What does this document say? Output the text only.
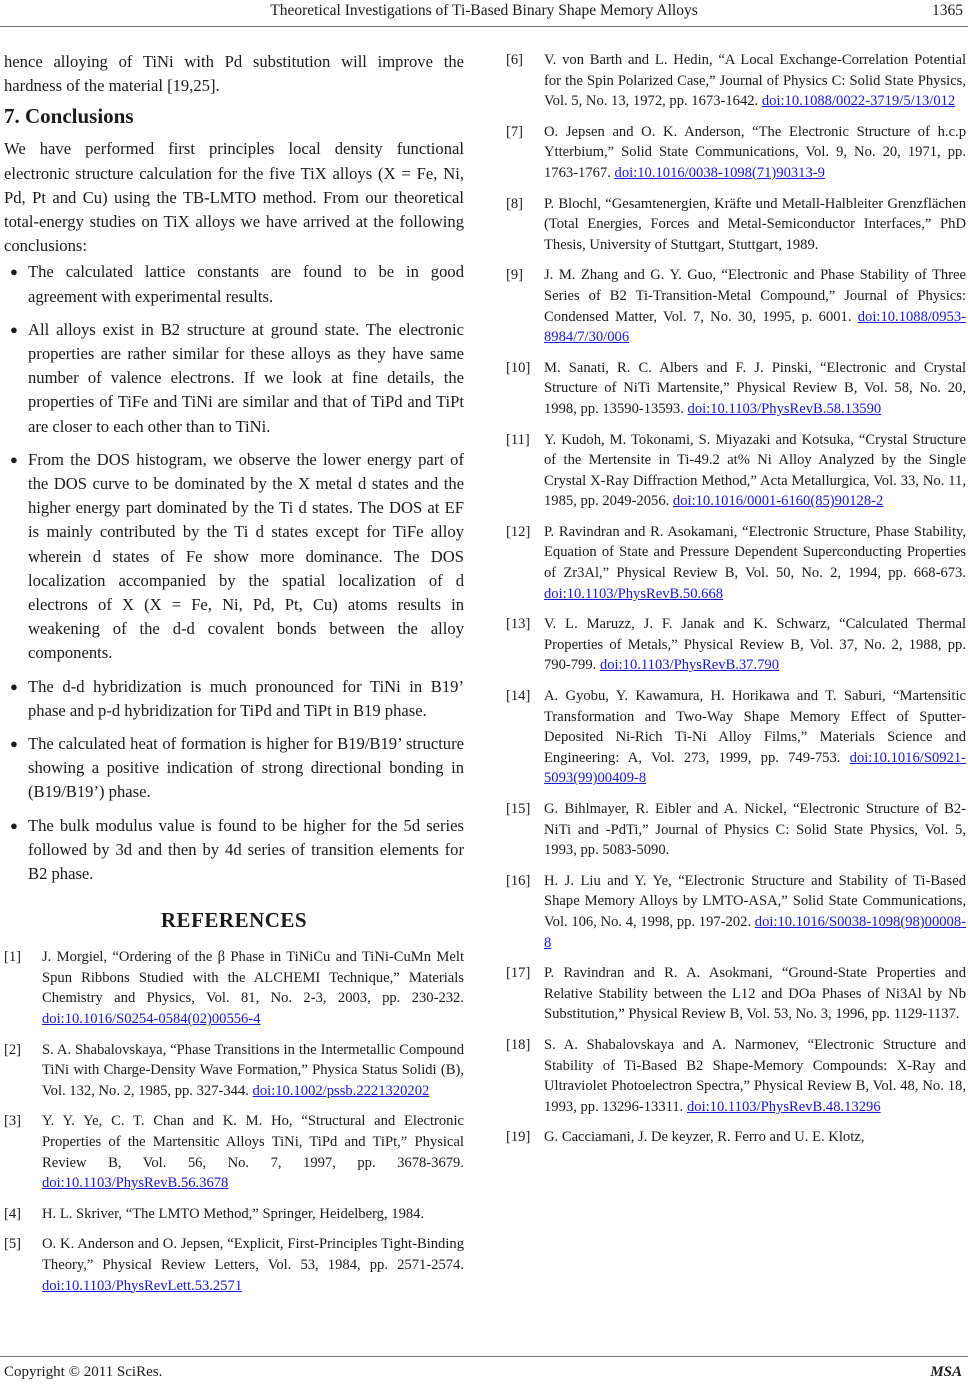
Theoretical Investigations of Ti-Based Binary Shape Memory Alloys	1365

hence alloying of TiNi with Pd substitution will improve the hardness of the material [19,25].

7. Conclusions

We have performed first principles local density functional electronic structure calculation for the five TiX alloys (X = Fe, Ni, Pd, Pt and Cu) using the TB-LMTO method. From our theoretical total-energy studies on TiX alloys we have arrived at the following conclusions:

● The calculated lattice constants are found to be in good agreement with experimental results.
● All alloys exist in B2 structure at ground state. The electronic properties are rather similar for these alloys as they have same number of valence electrons. If we look at fine details, the properties of TiFe and TiNi are similar and that of TiPd and TiPt are closer to each other than to TiNi.
● From the DOS histogram, we observe the lower energy part of the DOS curve to be dominated by the X metal d states and the higher energy part dominated by the Ti d states. The DOS at EF is mainly contributed by the Ti d states except for TiFe alloy wherein d states of Fe show more dominance. The DOS localization accompanied by the spatial localization of d electrons of X (X = Fe, Ni, Pd, Pt, Cu) atoms results in weakening of the d-d covalent bonds between the alloy components.
● The d-d hybridization is much pronounced for TiNi in B19’ phase and p-d hybridization for TiPd and TiPt in B19 phase.
● The calculated heat of formation is higher for B19/B19’ structure showing a positive indication of strong directional bonding in (B19/B19’) phase.
● The bulk modulus value is found to be higher for the 5d series followed by 3d and then by 4d series of transition elements for B2 phase.
REFERENCES
[1] J. Morgiel, “Ordering of the β Phase in TiNiCu and TiNi-CuMn Melt Spun Ribbons Studied with the ALCHEMI Technique,” Materials Chemistry and Physics, Vol. 81, No. 2-3, 2003, pp. 230-232. doi:10.1016/S0254-0584(02)00556-4
[2] S. A. Shabalovskaya, “Phase Transitions in the Intermetallic Compound TiNi with Charge-Density Wave Formation,” Physica Status Solidi (B), Vol. 132, No. 2, 1985, pp. 327-344. doi:10.1002/pssb.2221320202
[3] Y. Y. Ye, C. T. Chan and K. M. Ho, “Structural and Electronic Properties of the Martensitic Alloys TiNi, TiPd and TiPt,” Physical Review B, Vol. 56, No. 7, 1997, pp. 3678-3679. doi:10.1103/PhysRevB.56.3678
[4] H. L. Skriver, “The LMTO Method,” Springer, Heidelberg, 1984.
[5] O. K. Anderson and O. Jepsen, “Explicit, First-Principles Tight-Binding Theory,” Physical Review Letters, Vol. 53, 1984, pp. 2571-2574. doi:10.1103/PhysRevLett.53.2571
[6] V. von Barth and L. Hedin, “A Local Exchange-Correlation Potential for the Spin Polarized Case,” Journal of Physics C: Solid State Physics, Vol. 5, No. 13, 1972, pp. 1673-1642. doi:10.1088/0022-3719/5/13/012
[7] O. Jepsen and O. K. Anderson, “The Electronic Structure of h.c.p Ytterbium,” Solid State Communications, Vol. 9, No. 20, 1971, pp. 1763-1767. doi:10.1016/0038-1098(71)90313-9
[8] P. Blochl, “Gesamtenergien, Kräfte und Metall-Halbleiter Grenzflächen (Total Energies, Forces and Metal-Semiconductor Interfaces,” PhD Thesis, University of Stuttgart, Stuttgart, 1989.
[9] J. M. Zhang and G. Y. Guo, “Electronic and Phase Stability of Three Series of B2 Ti-Transition-Metal Compound,” Journal of Physics: Condensed Matter, Vol. 7, No. 30, 1995, p. 6001. doi:10.1088/0953-8984/7/30/006
[10] M. Sanati, R. C. Albers and F. J. Pinski, “Electronic and Crystal Structure of NiTi Martensite,” Physical Review B, Vol. 58, No. 20, 1998, pp. 13590-13593. doi:10.1103/PhysRevB.58.13590
[11] Y. Kudoh, M. Tokonami, S. Miyazaki and Kotsuka, “Crystal Structure of the Mertensite in Ti-49.2 at% Ni Alloy Analyzed by the Single Crystal X-Ray Diffraction Method,” Acta Metallurgica, Vol. 33, No. 11, 1985, pp. 2049-2056. doi:10.1016/0001-6160(85)90128-2
[12] P. Ravindran and R. Asokamani, “Electronic Structure, Phase Stability, Equation of State and Pressure Dependent Superconducting Properties of Zr3Al,” Physical Review B, Vol. 50, No. 2, 1994, pp. 668-673. doi:10.1103/PhysRevB.50.668
[13] V. L. Maruzz, J. F. Janak and K. Schwarz, “Calculated Thermal Properties of Metals,” Physical Review B, Vol. 37, No. 2, 1988, pp. 790-799. doi:10.1103/PhysRevB.37.790
[14] A. Gyobu, Y. Kawamura, H. Horikawa and T. Saburi, “Martensitic Transformation and Two-Way Shape Memory Effect of Sputter-Deposited Ni-Rich Ti-Ni Alloy Films,” Materials Science and Engineering: A, Vol. 273, 1999, pp. 749-753. doi:10.1016/S0921-5093(99)00409-8
[15] G. Bihlmayer, R. Eibler and A. Nickel, “Electronic Structure of B2-NiTi and -PdTi,” Journal of Physics C: Solid State Physics, Vol. 5, 1993, pp. 5083-5090.
[16] H. J. Liu and Y. Ye, “Electronic Structure and Stability of Ti-Based Shape Memory Alloys by LMTO-ASA,” Solid State Communications, Vol. 106, No. 4, 1998, pp. 197-202. doi:10.1016/S0038-1098(98)00008-8
[17] P. Ravindran and R. A. Asokmani, “Ground-State Properties and Relative Stability between the L12 and DOa Phases of Ni3Al by Nb Substitution,” Physical Review B, Vol. 53, No. 3, 1996, pp. 1129-1137.
[18] S. A. Shabalovskaya and A. Narmonev, “Electronic Structure and Stability of Ti-Based B2 Shape-Memory Compounds: X-Ray and Ultraviolet Photoelectron Spectra,” Physical Review B, Vol. 48, No. 18, 1993, pp. 13296-13311. doi:10.1103/PhysRevB.48.13296
[19] G. Cacciamani, J. De keyzer, R. Ferro and U. E. Klotz,
Copyright © 2011 SciRes.	MSA
